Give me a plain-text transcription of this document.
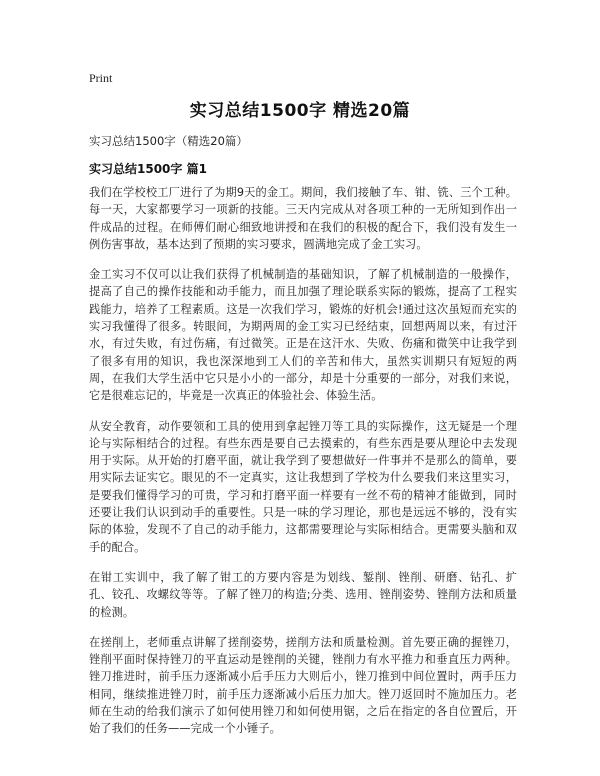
Print
实习总结1500字 精选20篇
实习总结1500字（精选20篇）
实习总结1500字 篇1

我们在学校校工厂进行了为期9天的金工。期间，我们接触了车、钳、铣、三个工种。每一天，大家都要学习一项新的技能。三天内完成从对各项工种的一无所知到作出一件成品的过程。在师傅们耐心细致地讲授和在我们的积极的配合下，我们没有发生一例伤害事故，基本达到了预期的实习要求，圆满地完成了金工实习。

金工实习不仅可以让我们获得了机械制造的基础知识，了解了机械制造的一般操作，提高了自己的操作技能和动手能力，而且加强了理论联系实际的锻炼，提高了工程实践能力，培养了工程素质。这是一次我们学习，锻炼的好机会!通过这次虽短而充实的实习我懂得了很多。转眼间，为期两周的金工实习已经结束，回想两周以来，有过汗水，有过失败，有过伤痛，有过微笑。正是在这汗水、失败、伤痛和微笑中让我学到了很多有用的知识，我也深深地到工人们的辛苦和伟大，虽然实训期只有短短的两周，在我们大学生活中它只是小小的一部分，却是十分重要的一部分，对我们来说，它是很难忘记的，毕竟是一次真正的体验社会、体验生活。

从安全教育，动作要领和工具的使用到拿起锉刀等工具的实际操作，这无疑是一个理论与实际相结合的过程。有些东西是要自己去摸索的，有些东西是要从理论中去发现用于实际。从开始的打磨平面，就让我学到了要想做好一件事并不是那么的简单，要用实际去证实它。眼见的不一定真实，这让我想到了学校为什么要我们来这里实习，是要我们懂得学习的可贵，学习和打磨平面一样要有一丝不苟的精神才能做到，同时还要让我们认识到动手的重要性。只是一味的学习理论，那也是远远不够的，没有实际的体验，发现不了自己的动手能力，这都需要理论与实际相结合。更需要头脑和双手的配合。

在钳工实训中，我了解了钳工的方要内容是为划线、錾削、锉削、研磨、钻孔、扩孔、铰孔、攻螺纹等等。了解了锉刀的构造;分类、选用、锉削姿势、锉削方法和质量的检测。

在搓削上，老师重点讲解了搓削姿势，搓削方法和质量检测。首先要正确的握锉刀，锉削平面时保持锉刀的平直运动是锉削的关键，锉削力有水平推力和垂直压力两种。锉刀推进时，前手压力逐渐减小后手压力大则后小，锉刀推到中间位置时，两手压力相同，继续推进锉刀时，前手压力逐渐减小后压力加大。锉刀返回时不施加压力。老师在生动的给我们演示了如何使用锉刀和如何使用锯，之后在指定的各自位置后，开始了我们的任务——完成一个小锤子。
